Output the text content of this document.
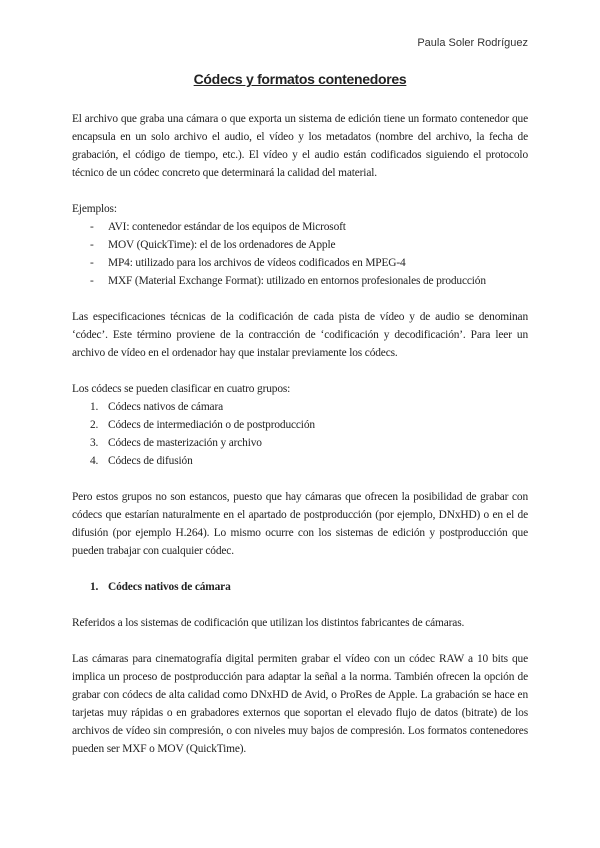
Paula Soler Rodríguez
Códecs y formatos contenedores

El archivo que graba una cámara o que exporta un sistema de edición tiene un formato contenedor que encapsula en un solo archivo el audio, el vídeo y los metadatos (nombre del archivo, la fecha de grabación, el código de tiempo, etc.). El vídeo y el audio están codificados siguiendo el protocolo técnico de un códec concreto que determinará la calidad del material.

Ejemplos:

- AVI: contenedor estándar de los equipos de Microsoft
- MOV (QuickTime): el de los ordenadores de Apple
- MP4: utilizado para los archivos de vídeos codificados en MPEG-4
- MXF (Material Exchange Format): utilizado en entornos profesionales de producción

Las especificaciones técnicas de la codificación de cada pista de vídeo y de audio se denominan ‘códec’. Este término proviene de la contracción de ‘codificación y decodificación’. Para leer un archivo de vídeo en el ordenador hay que instalar previamente los códecs.

Los códecs se pueden clasificar en cuatro grupos:

1. Códecs nativos de cámara
2. Códecs de intermediación o de postproducción
3. Códecs de masterización y archivo
4. Códecs de difusión

Pero estos grupos no son estancos, puesto que hay cámaras que ofrecen la posibilidad de grabar con códecs que estarían naturalmente en el apartado de postproducción (por ejemplo, DNxHD) o en el de difusión (por ejemplo H.264). Lo mismo ocurre con los sistemas de edición y postproducción que pueden trabajar con cualquier códec.

1. Códecs nativos de cámara

Referidos a los sistemas de codificación que utilizan los distintos fabricantes de cámaras.

Las cámaras para cinematografía digital permiten grabar el vídeo con un códec RAW a 10 bits que implica un proceso de postproducción para adaptar la señal a la norma. También ofrecen la opción de grabar con códecs de alta calidad como DNxHD de Avid, o ProRes de Apple. La grabación se hace en tarjetas muy rápidas o en grabadores externos que soportan el elevado flujo de datos (bitrate) de los archivos de vídeo sin compresión, o con niveles muy bajos de compresión. Los formatos contenedores pueden ser MXF o MOV (QuickTime).
